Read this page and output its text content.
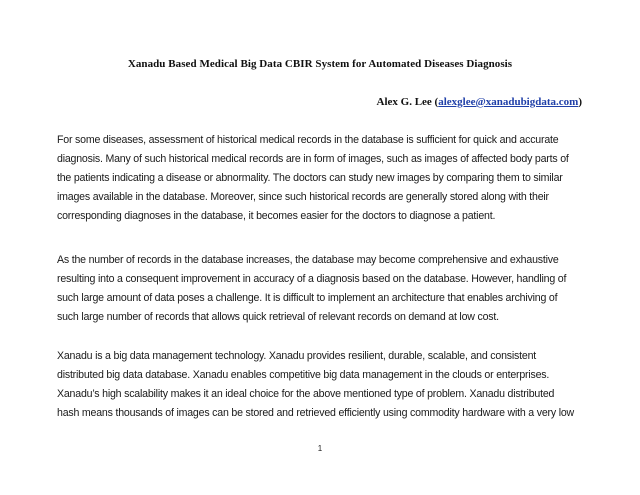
Xanadu Based Medical Big Data CBIR System for Automated Diseases Diagnosis
Alex G. Lee (alexglee@xanadubigdata.com)
For some diseases, assessment of historical medical records in the database is sufficient for quick and accurate
diagnosis. Many of such historical medical records are in form of images, such as images of affected body parts of
the patients indicating a disease or abnormality. The doctors can study new images by comparing them to similar
images available in the database. Moreover, since such historical records are generally stored along with their
corresponding diagnoses in the database, it becomes easier for the doctors to diagnose a patient.
As the number of records in the database increases, the database may become comprehensive and exhaustive
resulting into a consequent improvement in accuracy of a diagnosis based on the database. However, handling of
such large amount of data poses a challenge. It is difficult to implement an architecture that enables archiving of
such large number of records that allows quick retrieval of relevant records on demand at low cost.
Xanadu is a big data management technology. Xanadu provides resilient, durable, scalable, and consistent
distributed big data database. Xanadu enables competitive big data management in the clouds or enterprises.
Xanadu’s high scalability makes it an ideal choice for the above mentioned type of problem. Xanadu distributed
hash means thousands of images can be stored and retrieved efficiently using commodity hardware with a very low
1
